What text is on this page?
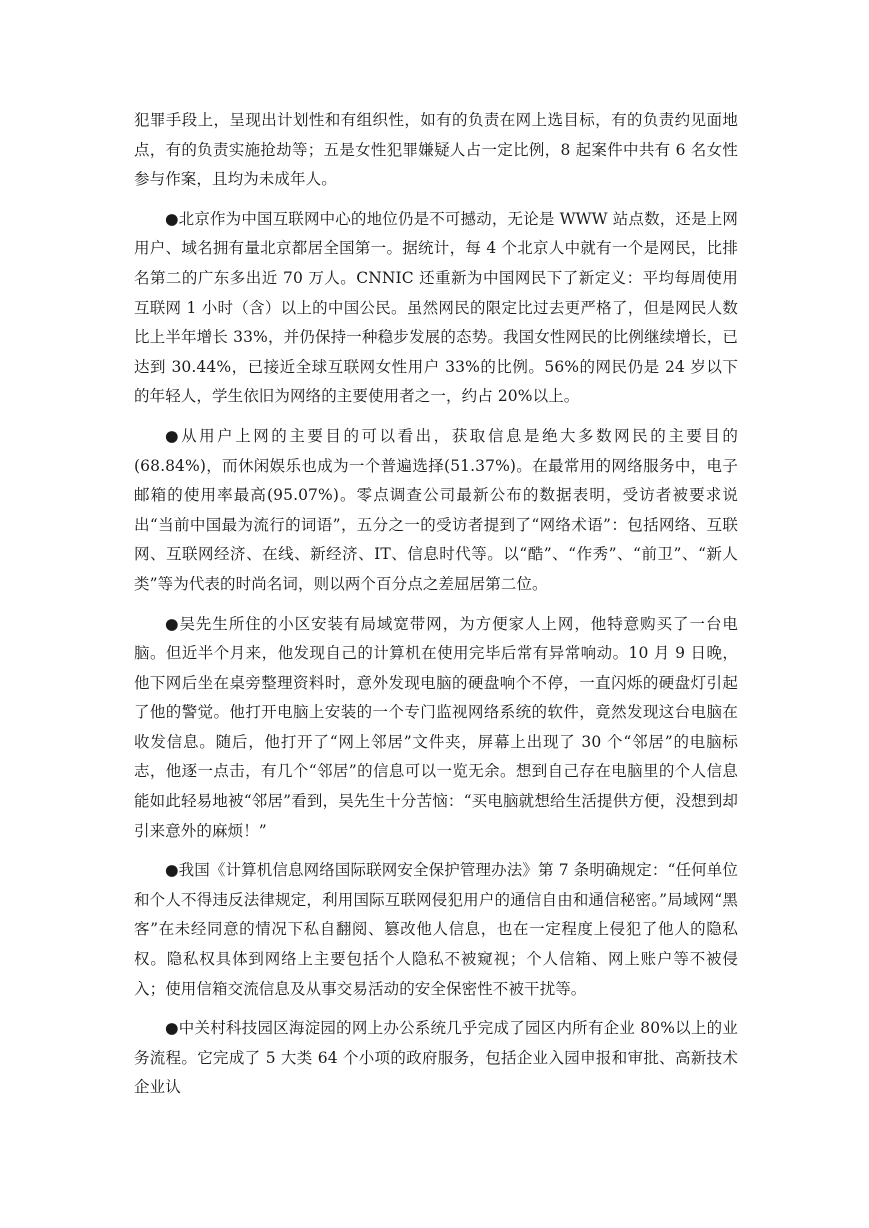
犯罪手段上，呈现出计划性和有组织性，如有的负责在网上选目标，有的负责约见面地点，有的负责实施抢劫等；五是女性犯罪嫌疑人占一定比例，8 起案件中共有 6 名女性参与作案，且均为未成年人。

●北京作为中国互联网中心的地位仍是不可撼动，无论是 WWW 站点数，还是上网用户、域名拥有量北京都居全国第一。据统计，每 4 个北京人中就有一个是网民，比排名第二的广东多出近 70 万人。CNNIC 还重新为中国网民下了新定义：平均每周使用互联网 1 小时（含）以上的中国公民。虽然网民的限定比过去更严格了，但是网民人数比上半年增长 33%，并仍保持一种稳步发展的态势。我国女性网民的比例继续增长，已达到 30.44%，已接近全球互联网女性用户 33%的比例。56%的网民仍是 24 岁以下的年轻人，学生依旧为网络的主要使用者之一，约占 20%以上。

●从用户上网的主要目的可以看出，获取信息是绝大多数网民的主要目的(68.84%)，而休闲娱乐也成为一个普遍选择(51.37%)。在最常用的网络服务中，电子邮箱的使用率最高(95.07%)。零点调查公司最新公布的数据表明，受访者被要求说出“当前中国最为流行的词语”，五分之一的受访者提到了“网络术语”：包括网络、互联网、互联网经济、在线、新经济、IT、信息时代等。以“酷”、“作秀”、“前卫”、“新人类”等为代表的时尚名词，则以两个百分点之差屈居第二位。

●吴先生所住的小区安装有局域宽带网，为方便家人上网，他特意购买了一台电脑。但近半个月来，他发现自己的计算机在使用完毕后常有异常响动。10 月 9 日晚，他下网后坐在桌旁整理资料时，意外发现电脑的硬盘响个不停，一直闪烁的硬盘灯引起了他的警觉。他打开电脑上安装的一个专门监视网络系统的软件，竟然发现这台电脑在收发信息。随后，他打开了“网上邻居”文件夹，屏幕上出现了 30 个“邻居”的电脑标志，他逐一点击，有几个“邻居”的信息可以一览无余。想到自己存在电脑里的个人信息能如此轻易地被“邻居”看到，吴先生十分苦恼：“买电脑就想给生活提供方便，没想到却引来意外的麻烦！”

●我国《计算机信息网络国际联网安全保护管理办法》第 7 条明确规定：“任何单位和个人不得违反法律规定，利用国际互联网侵犯用户的通信自由和通信秘密。”局域网“黑客”在未经同意的情况下私自翻阅、篡改他人信息，也在一定程度上侵犯了他人的隐私权。隐私权具体到网络上主要包括个人隐私不被窥视；个人信箱、网上账户等不被侵入；使用信箱交流信息及从事交易活动的安全保密性不被干扰等。

●中关村科技园区海淀园的网上办公系统几乎完成了园区内所有企业 80%以上的业务流程。它完成了 5 大类 64 个小项的政府服务，包括企业入园申报和审批、高新技术企业认
